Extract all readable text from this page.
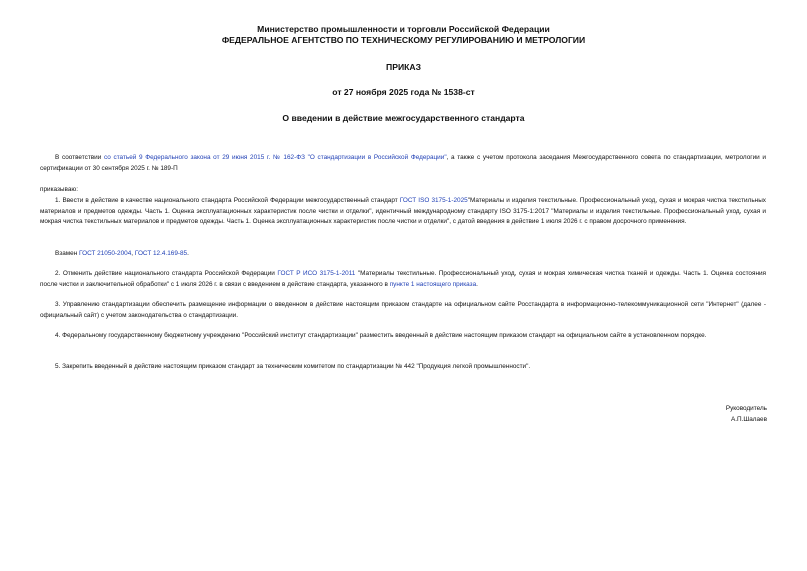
Министерство промышленности и торговли Российской Федерации
ФЕДЕРАЛЬНОЕ АГЕНТСТВО ПО ТЕХНИЧЕСКОМУ РЕГУЛИРОВАНИЮ И МЕТРОЛОГИИ
ПРИКАЗ
от 27 ноября 2025 года № 1538-ст
О введении в действие межгосударственного стандарта

В соответствии со статьей 9 Федерального закона от 29 июня 2015 г. № 162-ФЗ "О стандартизации в Российской Федерации", а также с учетом протокола заседания Межгосударственного совета по стандартизации, метрологии и сертификации от 30 сентября 2025 г. № 189-П

приказываю:

1. Ввести в действие в качестве национального стандарта Российской Федерации межгосударственный стандарт ГОСТ ISO 3175-1-2025"Материалы и изделия текстильные. Профессиональный уход, сухая и мокрая чистка текстильных материалов и предметов одежды. Часть 1. Оценка эксплуатационных характеристик после чистки и отделки", идентичный международному стандарту ISO 3175-1:2017 "Материалы и изделия текстильные. Профессиональный уход, сухая и мокрая чистка текстильных материалов и предметов одежды. Часть 1. Оценка эксплуатационных характеристик после чистки и отделки", с датой введения в действие 1 июля 2026 г. с правом досрочного применения.

Взамен ГОСТ 21050-2004, ГОСТ 12.4.169-85.

2. Отменить действие национального стандарта Российской Федерации ГОСТ Р ИСО 3175-1-2011 "Материалы текстильные. Профессиональный уход, сухая и мокрая химическая чистка тканей и одежды. Часть 1. Оценка состояния после чистки и заключительной обработки" с 1 июля 2026 г. в связи с введением в действие стандарта, указанного в пункте 1 настоящего приказа.

3. Управлению стандартизации обеспечить размещение информации о введенном в действие настоящим приказом стандарте на официальном сайте Росстандарта в информационно-телекоммуникационной сети "Интернет" (далее - официальный сайт) с учетом законодательства о стандартизации.

4. Федеральному государственному бюджетному учреждению "Российский институт стандартизации" разместить введенный в действие настоящим приказом стандарт на официальном сайте в установленном порядке.

5. Закрепить введенный в действие настоящим приказом стандарт за техническим комитетом по стандартизации № 442 "Продукция легкой промышленности".

Руководитель
А.П.Шалаев
